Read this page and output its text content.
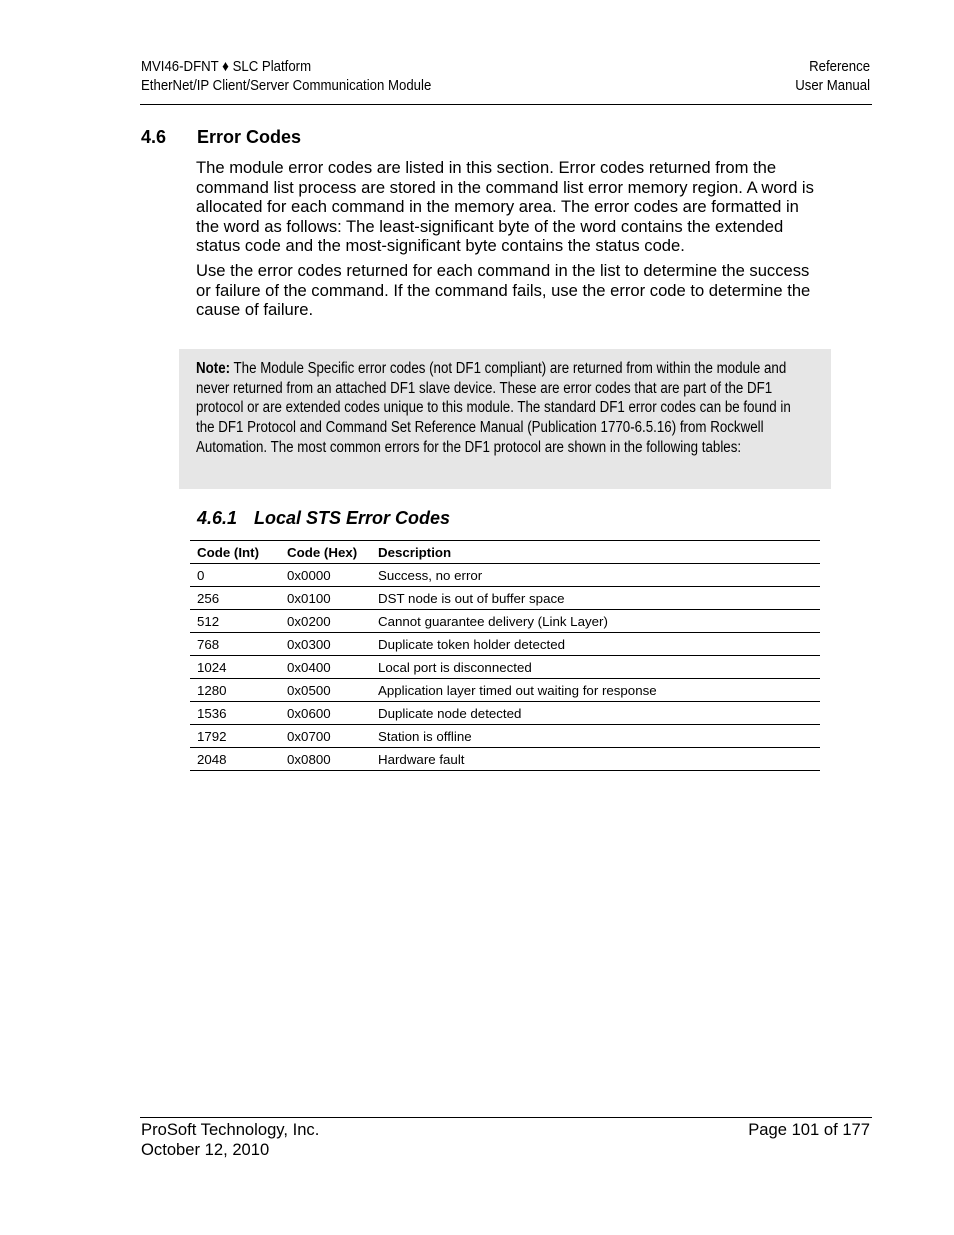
MVI46-DFNT ♦ SLC Platform
EtherNet/IP Client/Server Communication Module
Reference
User Manual
4.6 Error Codes
The module error codes are listed in this section. Error codes returned from the command list process are stored in the command list error memory region. A word is allocated for each command in the memory area. The error codes are formatted in the word as follows: The least-significant byte of the word contains the extended status code and the most-significant byte contains the status code.
Use the error codes returned for each command in the list to determine the success or failure of the command. If the command fails, use the error code to determine the cause of failure.
Note: The Module Specific error codes (not DF1 compliant) are returned from within the module and never returned from an attached DF1 slave device. These are error codes that are part of the DF1 protocol or are extended codes unique to this module. The standard DF1 error codes can be found in the DF1 Protocol and Command Set Reference Manual (Publication 1770-6.5.16) from Rockwell Automation. The most common errors for the DF1 protocol are shown in the following tables:
4.6.1 Local STS Error Codes
Code (Int)	Code (Hex)	Description
0	0x0000	Success, no error
256	0x0100	DST node is out of buffer space
512	0x0200	Cannot guarantee delivery (Link Layer)
768	0x0300	Duplicate token holder detected
1024	0x0400	Local port is disconnected
1280	0x0500	Application layer timed out waiting for response
1536	0x0600	Duplicate node detected
1792	0x0700	Station is offline
2048	0x0800	Hardware fault
ProSoft Technology, Inc.
October 12, 2010
Page 101 of 177
